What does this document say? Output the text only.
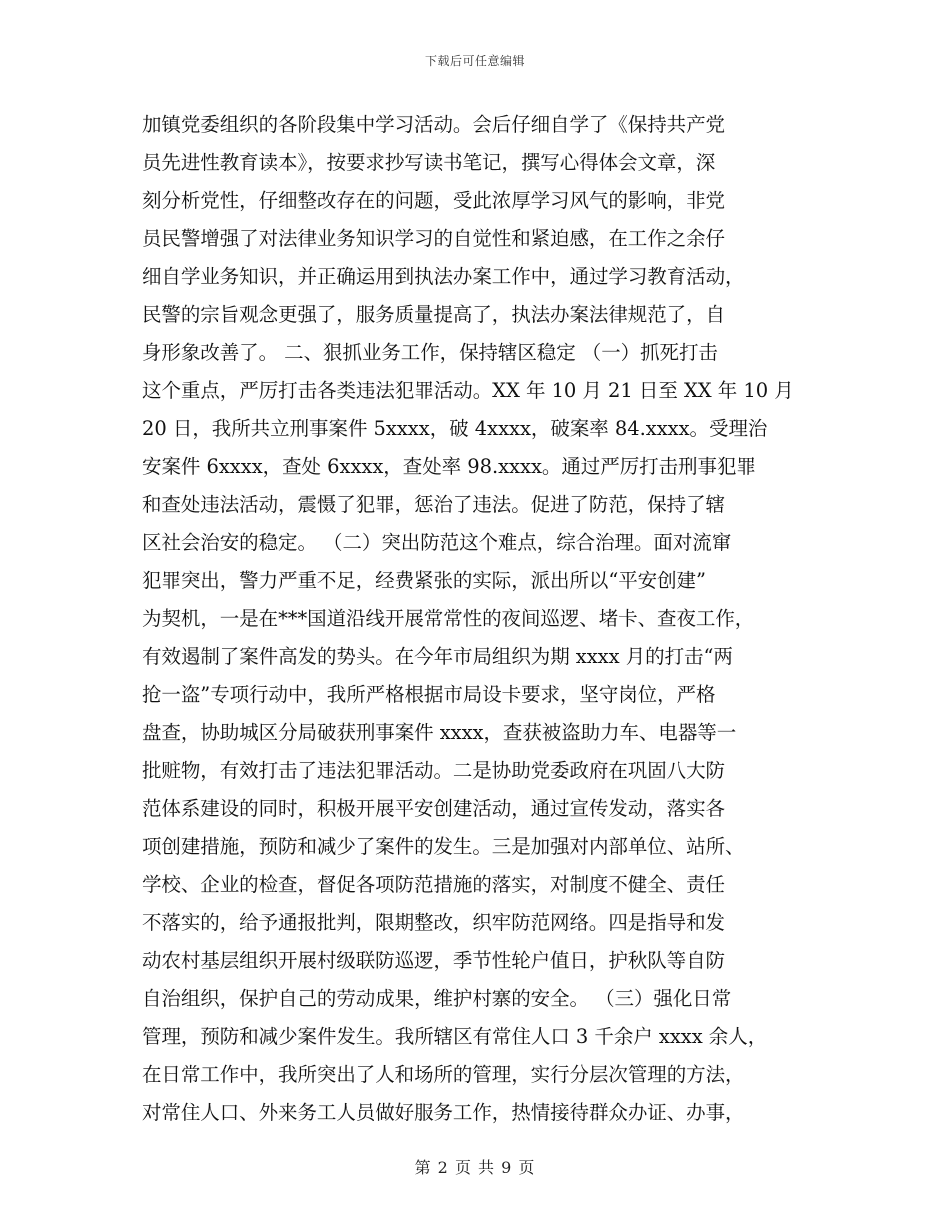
下载后可任意编辑
加镇党委组织的各阶段集中学习活动。会后仔细自学了《保持共产党
员先进性教育读本》，按要求抄写读书笔记，撰写心得体会文章，深
刻分析党性，仔细整改存在的问题，受此浓厚学习风气的影响，非党
员民警增强了对法律业务知识学习的自觉性和紧迫感，在工作之余仔
细自学业务知识，并正确运用到执法办案工作中，通过学习教育活动，
民警的宗旨观念更强了，服务质量提高了，执法办案法律规范了，自
身形象改善了。 二、狠抓业务工作，保持辖区稳定 （一）抓死打击
这个重点，严厉打击各类违法犯罪活动。XX 年 10 月 21 日至 XX 年 10 月
20 日，我所共立刑事案件 5xxxx，破 4xxxx，破案率 84.xxxx。受理治
安案件 6xxxx，查处 6xxxx，查处率 98.xxxx。通过严厉打击刑事犯罪
和查处违法活动，震慑了犯罪，惩治了违法。促进了防范，保持了辖
区社会治安的稳定。 （二）突出防范这个难点，综合治理。面对流窜
犯罪突出，警力严重不足，经费紧张的实际，派出所以“平安创建”
为契机，一是在***国道沿线开展常常性的夜间巡逻、堵卡、查夜工作，
有效遏制了案件高发的势头。在今年市局组织为期 xxxx 月的打击“两
抢一盗”专项行动中，我所严格根据市局设卡要求，坚守岗位，严格
盘查，协助城区分局破获刑事案件 xxxx，查获被盗助力车、电器等一
批赃物，有效打击了违法犯罪活动。二是协助党委政府在巩固八大防
范体系建设的同时，积极开展平安创建活动，通过宣传发动，落实各
项创建措施，预防和减少了案件的发生。三是加强对内部单位、站所、
学校、企业的检查，督促各项防范措施的落实，对制度不健全、责任
不落实的，给予通报批判，限期整改，织牢防范网络。四是指导和发
动农村基层组织开展村级联防巡逻，季节性轮户值日，护秋队等自防
自治组织，保护自己的劳动成果，维护村寨的安全。 （三）强化日常
管理，预防和减少案件发生。我所辖区有常住人口 3 千余户 xxxx 余人，
在日常工作中，我所突出了人和场所的管理，实行分层次管理的方法，
对常住人口、外来务工人员做好服务工作，热情接待群众办证、办事，
第 2 页 共 9 页
